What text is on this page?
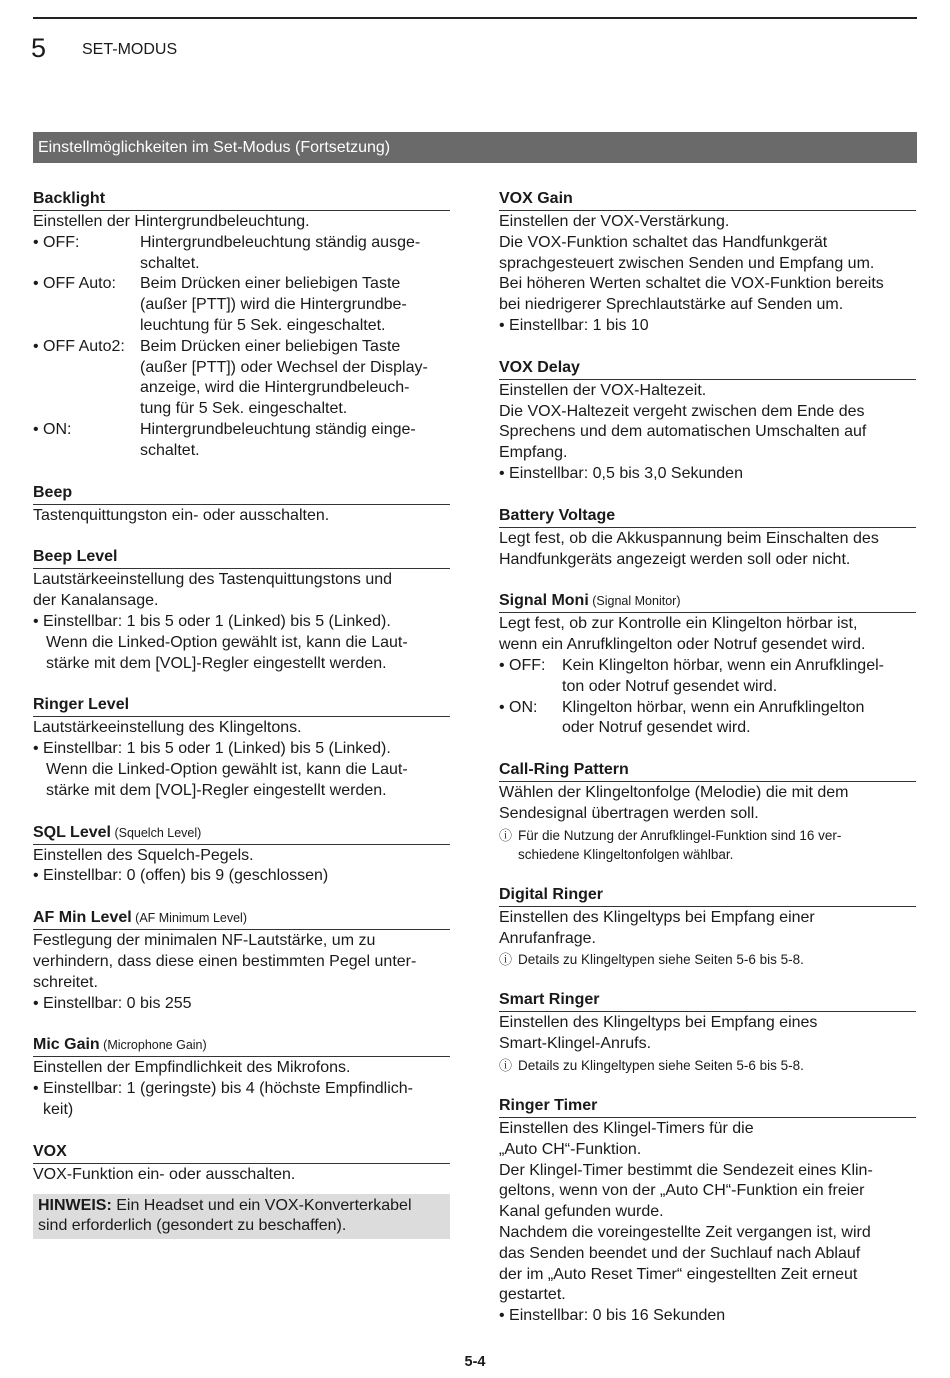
5 SET-MODUS
Einstellmöglichkeiten im Set-Modus (Fortsetzung)
Backlight
Einstellen der Hintergrundbeleuchtung.
• OFF:	Hintergrundbeleuchtung ständig ausge-
schaltet.
• OFF Auto:	Beim Drücken einer beliebigen Taste
(außer [PTT]) wird die Hintergrundbe-
leuchtung für 5 Sek. eingeschaltet.
• OFF Auto2: Beim Drücken einer beliebigen Taste
(außer [PTT]) oder Wechsel der Display-
anzeige, wird die Hintergrundbeleuch-
tung für 5 Sek. eingeschaltet.
• ON:	Hintergrundbeleuchtung ständig einge-
schaltet.
Beep
Tastenquittungston ein- oder ausschalten.
Beep Level
Lautstärkeeinstellung des Tastenquittungstons und
der Kanalansage.
• Einstellbar: 1 bis 5 oder 1 (Linked) bis 5 (Linked).
Wenn die Linked-Option gewählt ist, kann die Laut-
stärke mit dem [VOL]-Regler eingestellt werden.
Ringer Level
Lautstärkeeinstellung des Klingeltons.
• Einstellbar: 1 bis 5 oder 1 (Linked) bis 5 (Linked).
Wenn die Linked-Option gewählt ist, kann die Laut-
stärke mit dem [VOL]-Regler eingestellt werden.
SQL Level (Squelch Level)
Einstellen des Squelch-Pegels.
• Einstellbar: 0 (offen) bis 9 (geschlossen)
AF Min Level (AF Minimum Level)
Festlegung der minimalen NF-Lautstärke, um zu
verhindern, dass diese einen bestimmten Pegel unter-
schreitet.
• Einstellbar: 0 bis 255
Mic Gain (Microphone Gain)
Einstellen der Empfindlichkeit des Mikrofons.
• Einstellbar: 1 (geringste) bis 4 (höchste Empfindlich-
keit)
VOX
VOX-Funktion ein- oder ausschalten.
HINWEIS: Ein Headset und ein VOX-Konverterkabel
sind erforderlich (gesondert zu beschaffen).
VOX Gain
Einstellen der VOX-Verstärkung.
Die VOX-Funktion schaltet das Handfunkgerät
sprachgesteuert zwischen Senden und Empfang um.
Bei höheren Werten schaltet die VOX-Funktion bereits
bei niedrigerer Sprechlautstärke auf Senden um.
• Einstellbar: 1 bis 10
VOX Delay
Einstellen der VOX-Haltezeit.
Die VOX-Haltezeit vergeht zwischen dem Ende des
Sprechens und dem automatischen Umschalten auf
Empfang.
• Einstellbar: 0,5 bis 3,0 Sekunden
Battery Voltage
Legt fest, ob die Akkuspannung beim Einschalten des
Handfunkgeräts angezeigt werden soll oder nicht.
Signal Moni (Signal Monitor)
Legt fest, ob zur Kontrolle ein Klingelton hörbar ist,
wenn ein Anrufklingelton oder Notruf gesendet wird.
• OFF:	Kein Klingelton hörbar, wenn ein Anrufklingel-
ton oder Notruf gesendet wird.
• ON:	Klingelton hörbar, wenn ein Anrufklingelton
oder Notruf gesendet wird.
Call-Ring Pattern
Wählen der Klingeltonfolge (Melodie) die mit dem
Sendesignal übertragen werden soll.
ⓘ Für die Nutzung der Anrufklingel-Funktion sind 16 ver-
schiedene Klingeltonfolgen wählbar.
Digital Ringer
Einstellen des Klingeltyps bei Empfang einer
Anrufanfrage.
ⓘ Details zu Klingeltypen siehe Seiten 5-6 bis 5-8.
Smart Ringer
Einstellen des Klingeltyps bei Empfang eines
Smart-Klingel-Anrufs.
ⓘ Details zu Klingeltypen siehe Seiten 5-6 bis 5-8.
Ringer Timer
Einstellen des Klingel-Timers für die
„Auto CH“-Funktion.
Der Klingel-Timer bestimmt die Sendezeit eines Klin-
geltons, wenn von der „Auto CH“-Funktion ein freier
Kanal gefunden wurde.
Nachdem die voreingestellte Zeit vergangen ist, wird
das Senden beendet und der Suchlauf nach Ablauf
der im „Auto Reset Timer“ eingestellten Zeit erneut
gestartet.
• Einstellbar: 0 bis 16 Sekunden
5-4
